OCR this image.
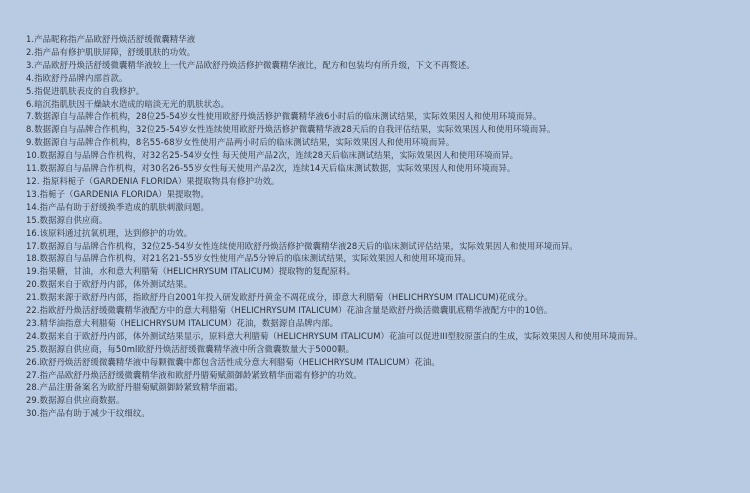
1.产品昵称指产品欧舒丹焕活舒缓微囊精华液
2.指产品有修护肌肤屏障，舒缓肌肤的功效。
3.产品欧舒丹焕活舒缓微囊精华液较上一代产品欧舒丹焕活修护微囊精华液比，配方和包装均有所升级，下文不再赘述。
4.指欧舒丹品牌内部首款。
5.指促进肌肤表皮的自我修护。
6.暗沉指肌肤因干燥缺水造成的暗淡无光的肌肤状态。
7.数据源自与品牌合作机构，28位25-54岁女性使用欧舒丹焕活修护微囊精华液6小时后的临床测试结果，实际效果因人和使用环境而异。
8.数据源自与品牌合作机构，32位25-54岁女性连续使用欧舒丹焕活修护微囊精华液28天后的自我评估结果，实际效果因人和使用环境而异。
9.数据源自与品牌合作机构，8名55-68岁女性使用产品两小时后的临床测试结果，实际效果因人和使用环境而异。
10.数据源自与品牌合作机构，对32名25-54岁女性 每天使用产品2次，连续28天后临床测试结果，实际效果因人和使用环境而异。
11.数据源自与品牌合作机构，对30名26-55岁女性每天使用产品2次，连续14天后临床测试数据，实际效果因人和使用环境而异。
12. 指原料栀子（GARDENIA FLORIDA）果提取物具有修护功效。
13.指栀子（GARDENIA FLORIDA）果提取物。
14.指产品有助于舒缓换季造成的肌肤刺激问题。
15.数据源自供应商。
16.该原料通过抗氧机理，达到修护的功效。
17.数据源自与品牌合作机构，32位25-54岁女性连续使用欧舒丹焕活修护微囊精华液28天后的临床测试评估结果，实际效果因人和使用环境而异。
18.数据源自与品牌合作机构，对21名21-55岁女性使用产品5分钟后的临床测试结果，实际效果因人和使用环境而异。
19.指果糖，甘油，水和意大利腊菊（HELICHRYSUM ITALICUM）提取物的复配原料。
20.数据来自于欧舒丹内部，体外测试结果。
21.数据来源于欧舒丹内部，指欧舒丹自2001年投入研发欧舒丹黄金不凋花成分，即意大利腊菊（HELICHRYSUM ITALICUM)花成分。
22.指欧舒丹焕活舒缓微囊精华液配方中的意大利腊菊（HELICHRYSUM ITALICUM）花油含量是欧舒丹焕活微囊肌底精华液配方中的10倍。
23.精华油指意大利腊菊（HELICHRYSUM ITALICUM）花油，数据源自品牌内部。
24.数据来自于欧舒丹内部，体外测试结果显示，原料意大利腊菊（HELICHRYSUM ITALICUM）花油可以促进III型胶原蛋白的生成，实际效果因人和使用环境而异。
25.数据源自供应商，每50ml欧舒丹焕活舒缓微囊精华液中所含微囊数量大于5000颗。
26.欧舒丹焕活舒缓微囊精华液中每颗微囊中都包含活性成分意大利腊菊（HELICHRYSUM ITALICUM）花油。
27.指产品欧舒丹焕活舒缓微囊精华液和欧舒丹腊菊赋颜御龄紧致精华面霜有修护的功效。
28.产品注册备案名为欧舒丹腊菊赋颜御龄紧致精华面霜。
29.数据源自供应商数据。
30.指产品有助于减少干纹细纹。
